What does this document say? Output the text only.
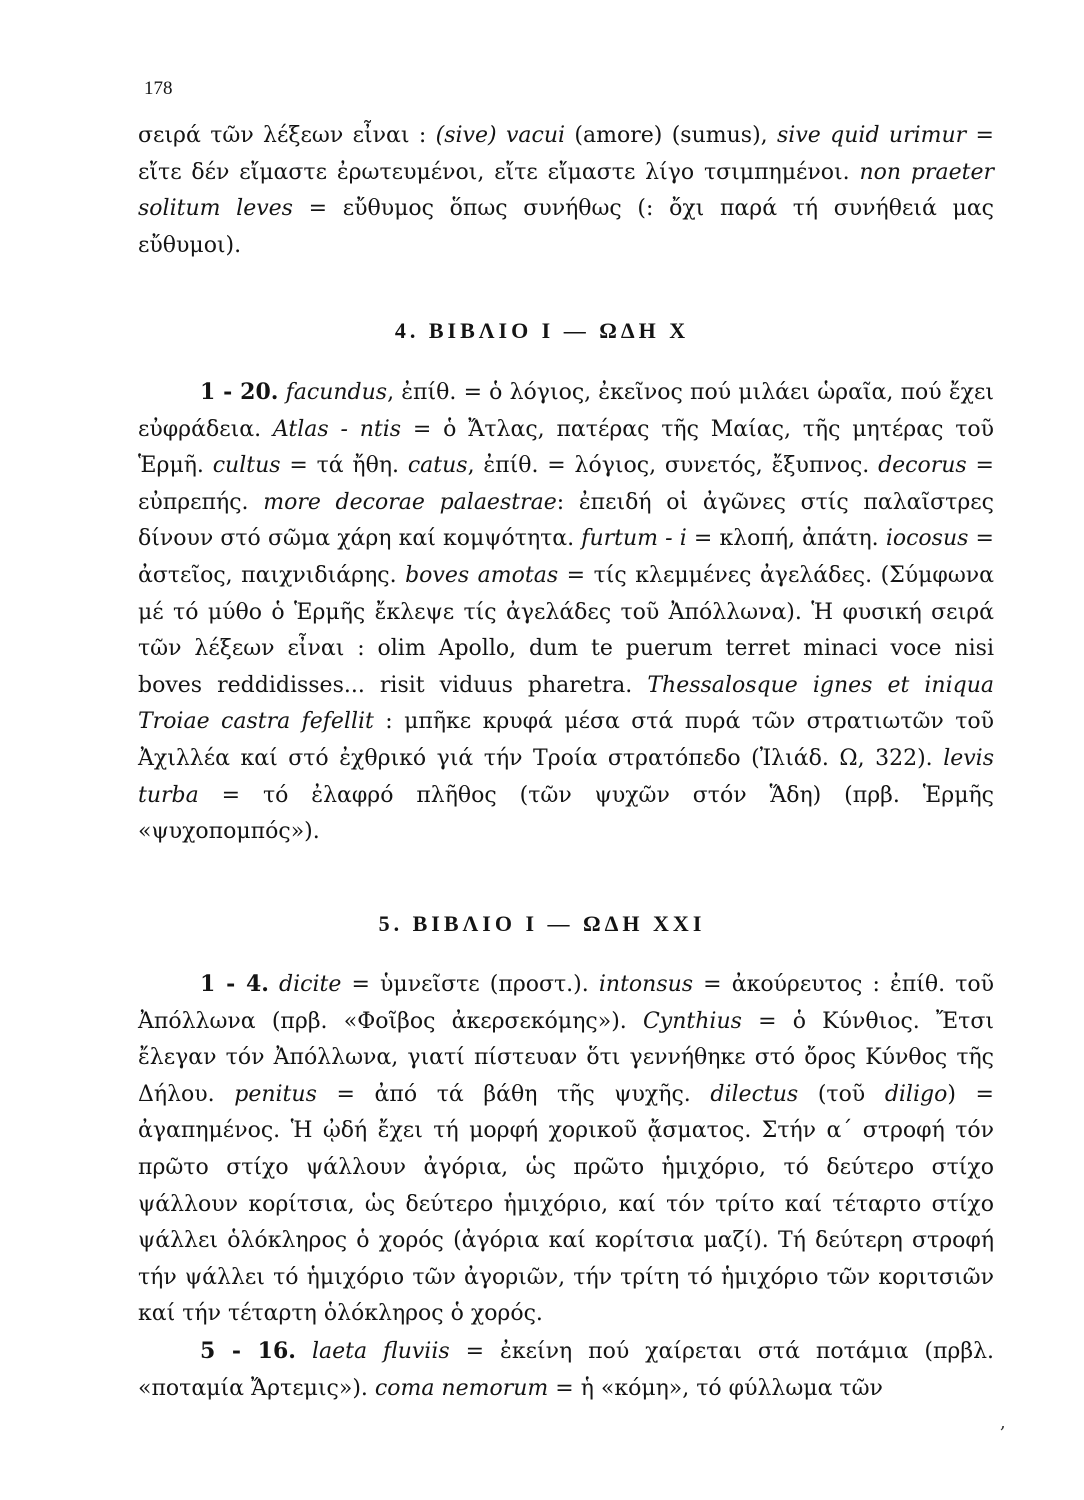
178

σειρά τῶν λέξεων εἶναι : (sive) vacui (amore) (sumus), sive quid urimur = εἴτε δέν εἴμαστε ἐρωτευμένοι, εἴτε εἴμαστε λίγο τσιμπημένοι. non praeter solitum leves = εὔθυμος ὅπως συνήθως (: ὄχι παρά τή συνήθειά μας εὔθυμοι).

4. ΒΙΒΛΙΟ Ι — ΩΔΗ Χ

1 - 20. facundus, ἐπίθ. = ὁ λόγιος, ἐκεῖνος πού μιλάει ὡραῖα, πού ἔχει εὐφράδεια. Atlas - ntis = ὁ Ἄτλας, πατέρας τῆς Μαίας, τῆς μητέρας τοῦ Ἑρμῆ. cultus = τά ἤθη. catus, ἐπίθ. = λόγιος, συνετός, ἔξυπνος. decorus = εὐπρεπής. more decorae palaestrae: ἐπειδή οἱ ἀγῶνες στίς παλαῖστρες δίνουν στό σῶμα χάρη καί κομψότητα. furtum - i = κλοπή, ἀπάτη. iocosus = ἀστεῖος, παιχνιδιάρης. boves amotas = τίς κλεμμένες ἀγελάδες. (Σύμφωνα μέ τό μύθο ὁ Ἑρμῆς ἔκλεψε τίς ἀγελάδες τοῦ Ἀπόλλωνα). Ἡ φυσική σειρά τῶν λέξεων εἶναι : olim Apollo, dum te puerum terret minaci voce nisi boves reddidisses... risit viduus pharetra. Thessalosque ignes et iniqua Troiae castra fefellit : μπῆκε κρυφά μέσα στά πυρά τῶν στρατιωτῶν τοῦ Ἀχιλλέα καί στό ἐχθρικό γιά τήν Τροία στρατόπεδο (Ἰλιάδ. Ω, 322). levis turba = τό ἐλαφρό πλῆθος (τῶν ψυχῶν στόν Ἅδη) (πρβ. Ἑρμῆς «ψυχοπομπός»).

5. ΒΙΒΛΙΟ Ι — ΩΔΗ ΧΧΙ

1 - 4. dicite = ὑμνεῖστε (προστ.). intonsus = ἀκούρευτος : ἐπίθ. τοῦ Ἀπόλλωνα (πρβ. «Φοῖβος ἀκερσεκόμης»). Cynthius = ὁ Κύνθιος. Ἔτσι ἔλεγαν τόν Ἀπόλλωνα, γιατί πίστευαν ὅτι γεννήθηκε στό ὄρος Κύνθος τῆς Δήλου. penitus = ἀπό τά βάθη τῆς ψυχῆς. dilectus (τοῦ diligo) = ἀγαπημένος. Ἡ ᾠδή ἔχει τή μορφή χορικοῦ ᾄσματος. Στήν α΄ στροφή τόν πρῶτο στίχο ψάλλουν ἀγόρια, ὡς πρῶτο ἡμιχόριο, τό δεύτερο στίχο ψάλλουν κορίτσια, ὡς δεύτερο ἡμιχόριο, καί τόν τρίτο καί τέταρτο στίχο ψάλλει ὁλόκληρος ὁ χορός (ἀγόρια καί κορίτσια μαζί). Τή δεύτερη στροφή τήν ψάλλει τό ἡμιχόριο τῶν ἀγοριῶν, τήν τρίτη τό ἡμιχόριο τῶν κοριτσιῶν καί τήν τέταρτη ὁλόκληρος ὁ χορός.

5 - 16. laeta fluviis = ἐκείνη πού χαίρεται στά ποτάμια (πρβλ. «ποταμία Ἄρτεμις»). coma nemorum = ἡ «κόμη», τό φύλλωμα τῶν

,
